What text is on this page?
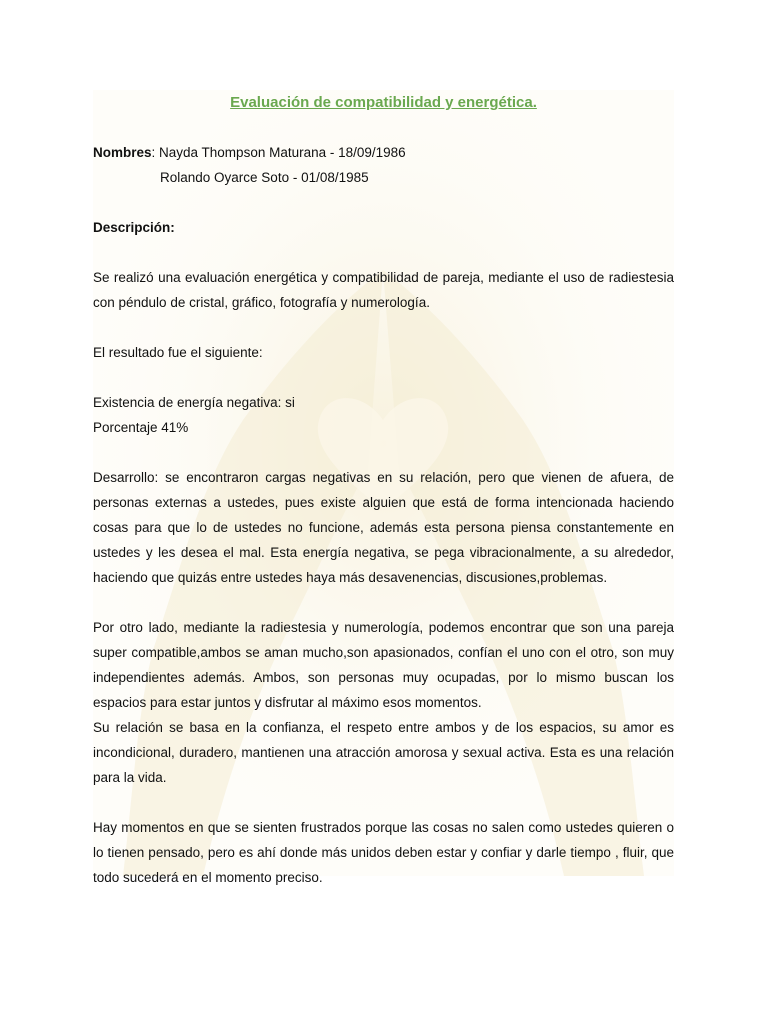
Evaluación de compatibilidad y energética.

Nombres: Nayda Thompson Maturana - 18/09/1986

Rolando Oyarce Soto - 01/08/1985

Descripción:

Se realizó una evaluación energética y compatibilidad de pareja, mediante el uso de radiestesia con péndulo de cristal, gráfico, fotografía y numerología.

El resultado fue el siguiente:

Existencia de energía negativa: si

Porcentaje 41%

Desarrollo: se encontraron cargas negativas en su relación, pero que vienen de afuera, de personas externas a ustedes, pues existe alguien que está de forma intencionada haciendo cosas para que lo de ustedes no funcione, además esta persona piensa constantemente en ustedes y les desea el mal. Esta energía negativa, se pega vibracionalmente, a su alrededor, haciendo que quizás entre ustedes haya más desavenencias, discusiones,problemas.

Por otro lado, mediante la radiestesia y numerología, podemos encontrar que son una pareja super compatible,ambos se aman mucho,son apasionados, confían el uno con el otro, son muy independientes además. Ambos, son personas muy ocupadas, por lo mismo buscan los espacios para estar juntos y disfrutar al máximo esos momentos.

Su relación se basa en la confianza, el respeto entre ambos y de los espacios, su amor es incondicional, duradero, mantienen una atracción amorosa y sexual activa. Esta es una relación para la vida.

Hay momentos en que se sienten frustrados porque las cosas no salen como ustedes quieren o lo tienen pensado, pero es ahí donde más unidos deben estar y confiar y darle tiempo , fluir, que todo sucederá en el momento preciso.
